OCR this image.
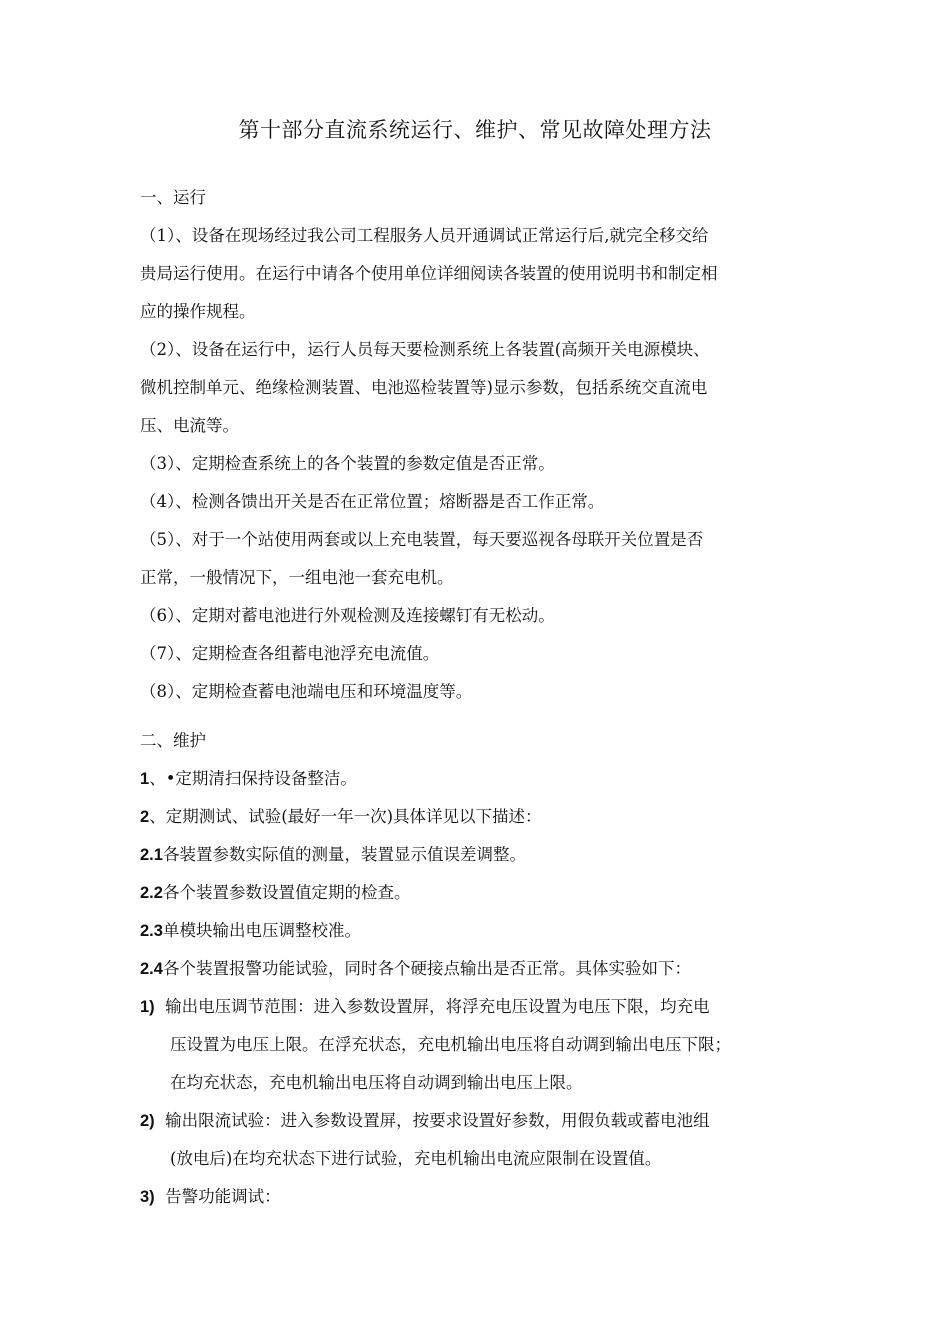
第十部分直流系统运行、维护、常见故障处理方法

一、运行

（1）、设备在现场经过我公司工程服务人员开通调试正常运行后,就完全移交给

贵局运行使用。在运行中请各个使用单位详细阅读各装置的使用说明书和制定相

应的操作规程。

（2）、设备在运行中，运行人员每天要检测系统上各装置(高频开关电源模块、

微机控制单元、绝缘检测装置、电池巡检装置等)显示参数，包括系统交直流电

压、电流等。

（3）、定期检查系统上的各个装置的参数定值是否正常。

（4）、检测各馈出开关是否在正常位置；熔断器是否工作正常。

（5）、对于一个站使用两套或以上充电装置，每天要巡视各母联开关位置是否

正常，一般情况下，一组电池一套充电机。

（6）、定期对蓄电池进行外观检测及连接螺钉有无松动。

（7）、定期检查各组蓄电池浮充电流值。

（8）、定期检查蓄电池端电压和环境温度等。

二、维护

1、•定期清扫保持设备整洁。

2、定期测试、试验(最好一年一次)具体详见以下描述：

2.1各装置参数实际值的测量，装置显示值误差调整。

2.2各个装置参数设置值定期的检查。

2.3单模块输出电压调整校准。

2.4各个装置报警功能试验，同时各个硬接点输出是否正常。具体实验如下：

1) 输出电压调节范围：进入参数设置屏，将浮充电压设置为电压下限，均充电

压设置为电压上限。在浮充状态，充电机输出电压将自动调到输出电压下限；

在均充状态，充电机输出电压将自动调到输出电压上限。

2) 输出限流试验：进入参数设置屏，按要求设置好参数，用假负载或蓄电池组

(放电后)在均充状态下进行试验，充电机输出电流应限制在设置值。

3) 告警功能调试：
